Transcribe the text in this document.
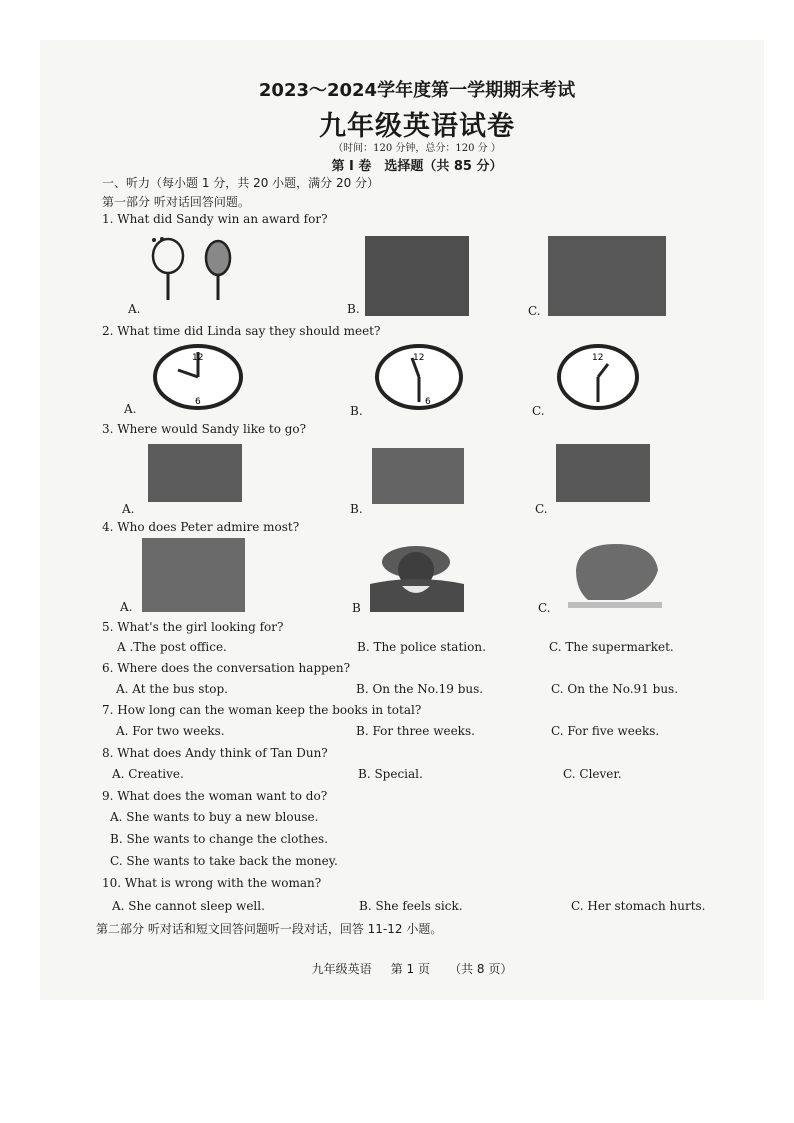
2023～2024学年度第一学期期末考试
九年级英语试卷
（时间：120 分钟，总分：120 分 ）
第 I 卷　选择题（共 85 分）
一、听力（每小题 1 分，共 20 小题，满分 20 分）
第一部分 听对话回答问题。
1. What did Sandy win an award for?
A.	B.	C.
2. What time did Linda say they should meet?
12
6
A.
12
6
B.
12
C.
3. Where would Sandy like to go?
A.	B.	C.
4. Who does Peter admire most?
A.	B	C.
5. What's the girl looking for?
A .The post office.	B. The police station.	C. The supermarket.
6. Where does the conversation happen?
A. At the bus stop.	B. On the No.19 bus.	C. On the No.91 bus.
7. How long can the woman keep the books in total?
A. For two weeks.	B. For three weeks.	C. For five weeks.
8. What does Andy think of Tan Dun?
A. Creative.	B. Special.	C. Clever.
9. What does the woman want to do?
A. She wants to buy a new blouse.
B. She wants to change the clothes.
C. She wants to take back the money.
10. What is wrong with the woman?
A. She cannot sleep well.	B. She feels sick.	C. Her stomach hurts.
第二部分 听对话和短文回答问题听一段对话，回答 11-12 小题。
九年级英语 第 1 页 （共 8 页）
